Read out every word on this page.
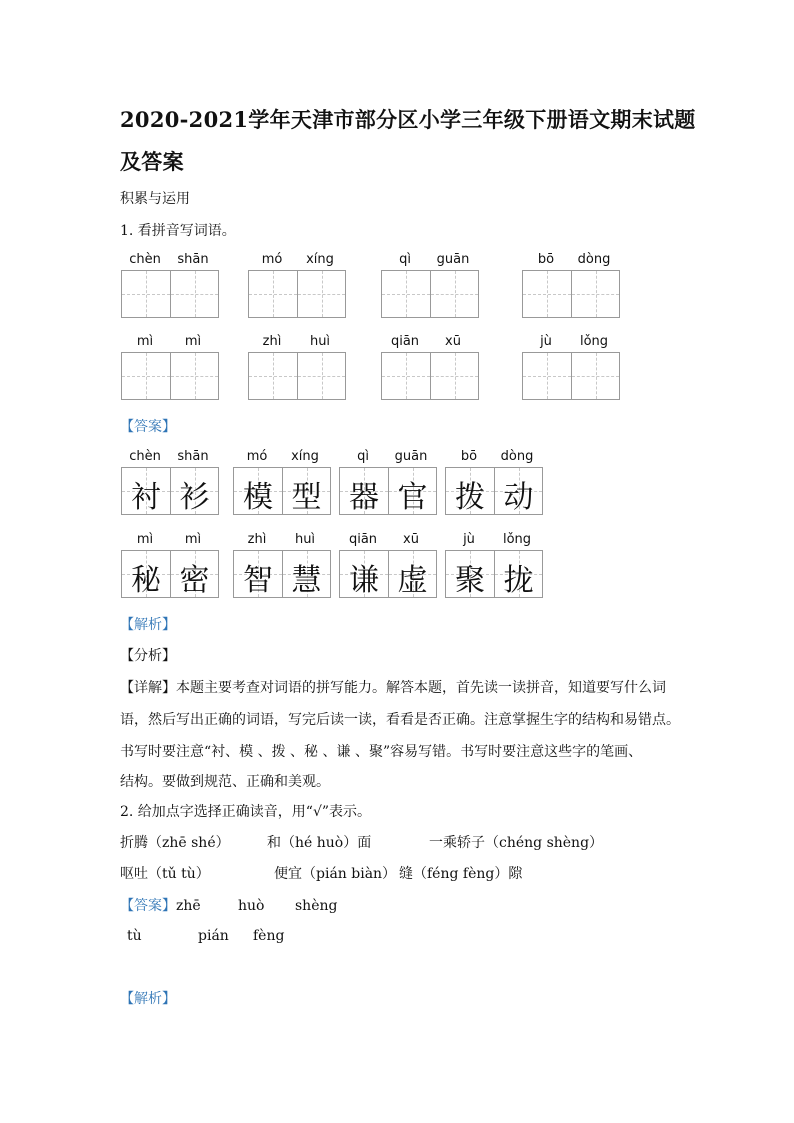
2020-2021学年天津市部分区小学三年级下册语文期末试题
及答案
积累与运用
1. 看拼音写词语。
chèn	shān	mó	xíng	qì	guān	bō	dòng
mì	mì	zhì	huì	qiān	xū	jù	lǒng
【答案】
chèn	shān
衬 衫
mó	xíng
模 型
qì	guān
器 官
bō	dòng
拨 动
mì	mì
秘 密
zhì	huì
智 慧
qiān	xū
谦 虚
jù	lǒng
聚 拢
【解析】
【分析】
【详解】本题主要考查对词语的拼写能力。解答本题，首先读一读拼音，知道要写什么词
语，然后写出正确的词语，写完后读一读，看看是否正确。注意掌握生字的结构和易错点。
书写时要注意“衬、模 、拨 、秘 、谦 、聚”容易写错。书写时要注意这些字的笔画、
结构。要做到规范、正确和美观。
2. 给加点字选择正确读音，用“√”表示。
折腾（zhē shé）	和（hé huò）面	一乘轿子（chéng shèng）
呕吐（tǔ tù）	便宜（pián biàn） 缝（féng fèng）隙
【答案】zhē	huò shèng
tù	pián fèng
【解析】
